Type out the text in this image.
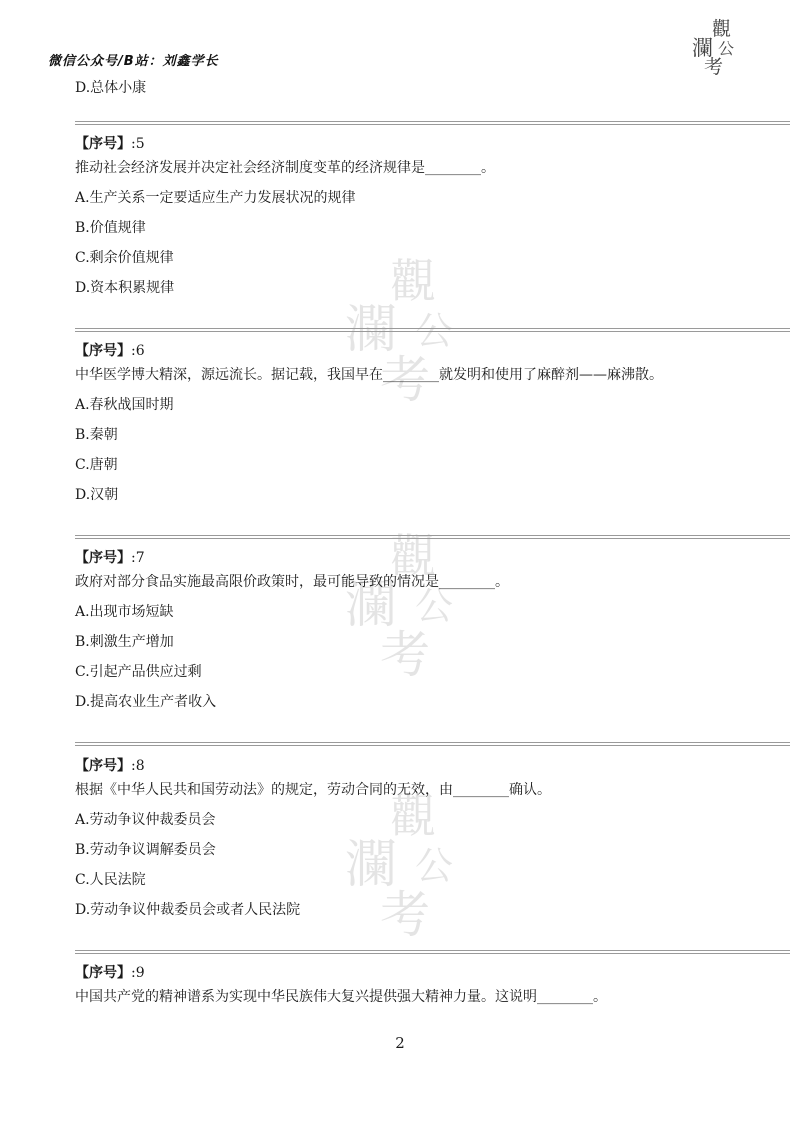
微信公众号/B站：刘鑫学长
觀
瀾 公
考
觀
瀾 公
考
觀
瀾 公
考
觀
瀾 公
考
D.总体小康
【序号】:5
推动社会经济发展并决定社会经济制度变革的经济规律是________。
A.生产关系一定要适应生产力发展状况的规律
B.价值规律
C.剩余价值规律
D.资本积累规律
【序号】:6
中华医学博大精深，源远流长。据记载，我国早在________就发明和使用了麻醉剂——麻沸散。
A.春秋战国时期
B.秦朝
C.唐朝
D.汉朝
【序号】:7
政府对部分食品实施最高限价政策时，最可能导致的情况是________。
A.出现市场短缺
B.刺激生产增加
C.引起产品供应过剩
D.提高农业生产者收入
【序号】:8
根据《中华人民共和国劳动法》的规定，劳动合同的无效，由________确认。
A.劳动争议仲裁委员会
B.劳动争议调解委员会
C.人民法院
D.劳动争议仲裁委员会或者人民法院
【序号】:9
中国共产党的精神谱系为实现中华民族伟大复兴提供强大精神力量。这说明________。
2
